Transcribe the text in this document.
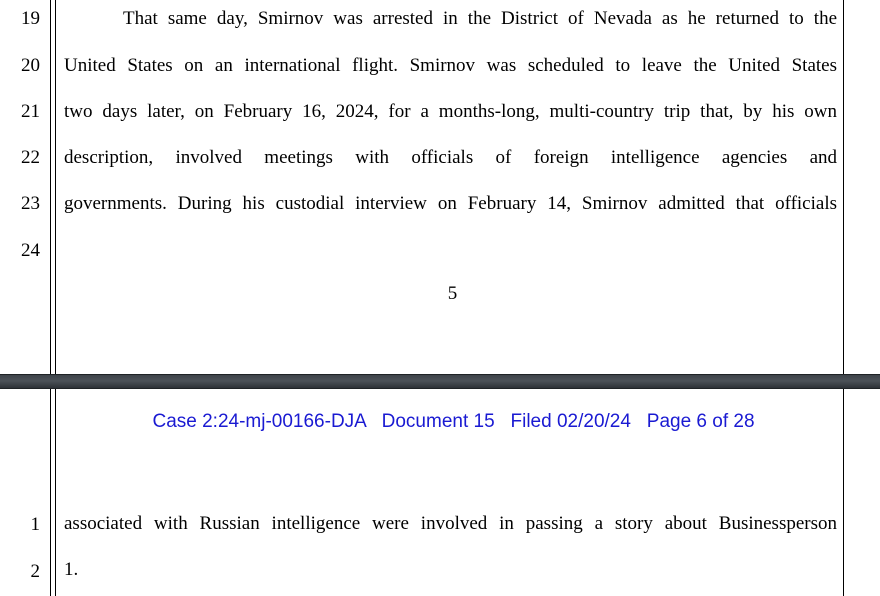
19
20
21
22
23
24
That same day, Smirnov was arrested in the District of Nevada as he returned to the
United States on an international flight. Smirnov was scheduled to leave the United States
two days later, on February 16, 2024, for a months-long, multi-country trip that, by his own
description, involved meetings with officials of foreign intelligence agencies and
governments. During his custodial interview on February 14, Smirnov admitted that officials
5
1
2
associated with Russian intelligence were involved in passing a story about Businessperson
1.
Case 2:24-mj-00166-DJA Document 15 Filed 02/20/24 Page 6 of 28
